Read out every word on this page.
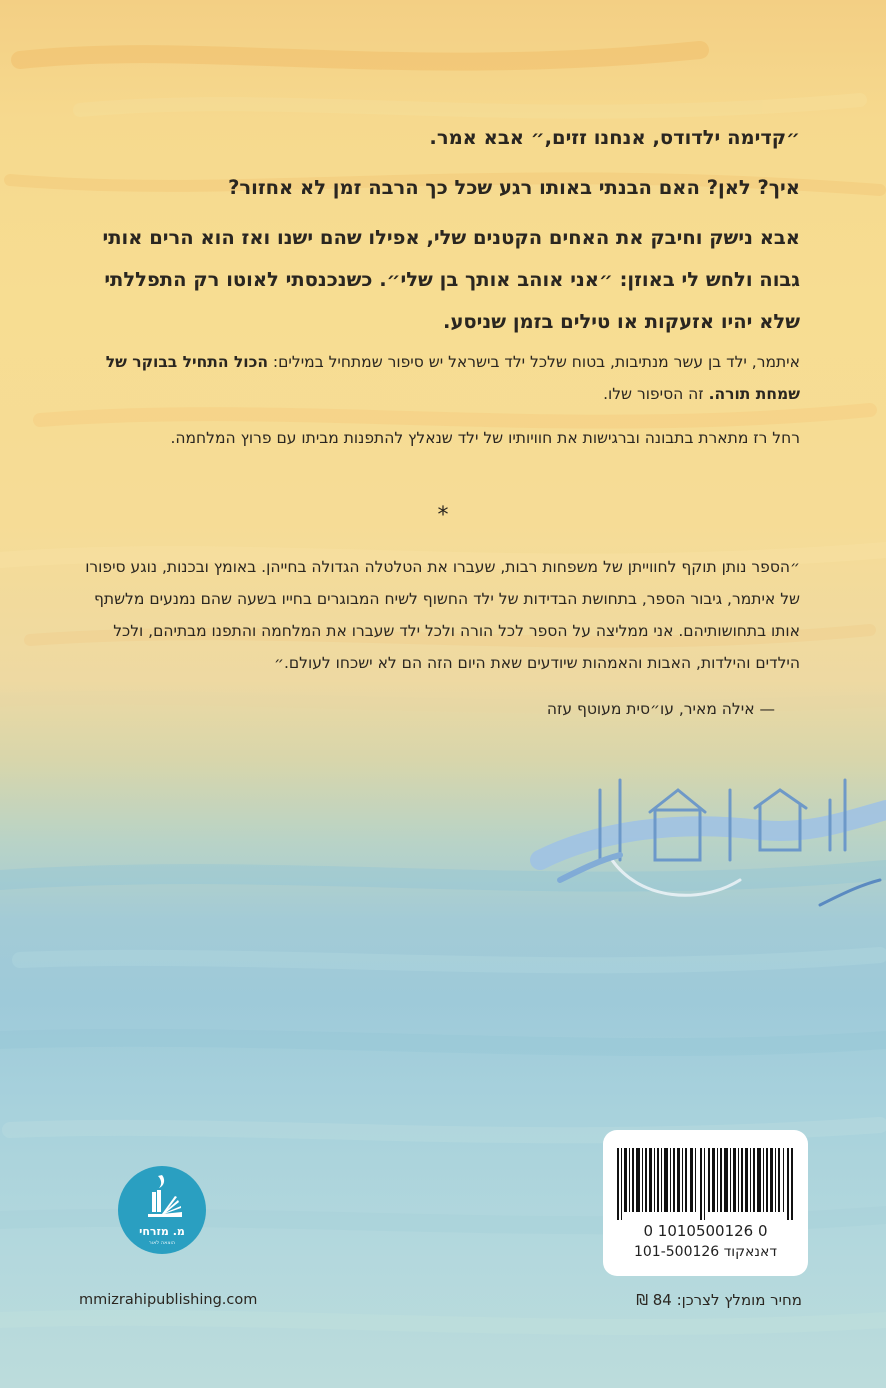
״קדימה ילדודס, אנחנו זזים,״ אבא אמר.

איך? לאן? האם הבנתי באותו רגע שכל כך הרבה זמן לא אחזור?

אבא נישק וחיבק את האחים הקטנים שלי, אפילו שהם ישנו ואז הוא הרים אותי גבוה ולחש לי באוזן: ״אני אוהב אותך בן שלי״. כשנכנסתי לאוטו רק התפללתי שלא יהיו אזעקות או טילים בזמן שניסע.

איתמר, ילד בן עשר מנתיבות, בטוח שלכל ילד בישראל יש סיפור שמתחיל במילים: הכול התחיל בבוקר של שמחת תורה. זה הסיפור שלו.

רחל רז מתארת בתבונה וברגישות את חוויותיו של ילד שנאלץ להתפנות מביתו עם פרוץ המלחמה.

*

״הספר נותן תוקף לחווייתן של משפחות רבות, שעברו את הטלטלה הגדולה בחייהן. באומץ ובכנות, נוגע סיפורו של איתמר, גיבור הספר, בתחושת הבדידות של ילד החשוף לשיח המבוגרים בחייו בשעה שהם נמנעים מלשתף אותו בתחושותיהם. אני ממליצה על הספר לכל הורה ולכל ילד שעברו את המלחמה והתפנו מבתיהם, ולכל הילדים והילדות, האבות והאמהות שיודעים שאת היום הזה הם לא ישכחו לעולם.״

— אילה מאיר, עו״סית מעוטף עזה

0 1010500126 0
דאנאקוד 101-500126
מחיר מומלץ לצרכן: 84 ₪
מ. מזרחי
הוצאה לאור
mmizrahipublishing.com
